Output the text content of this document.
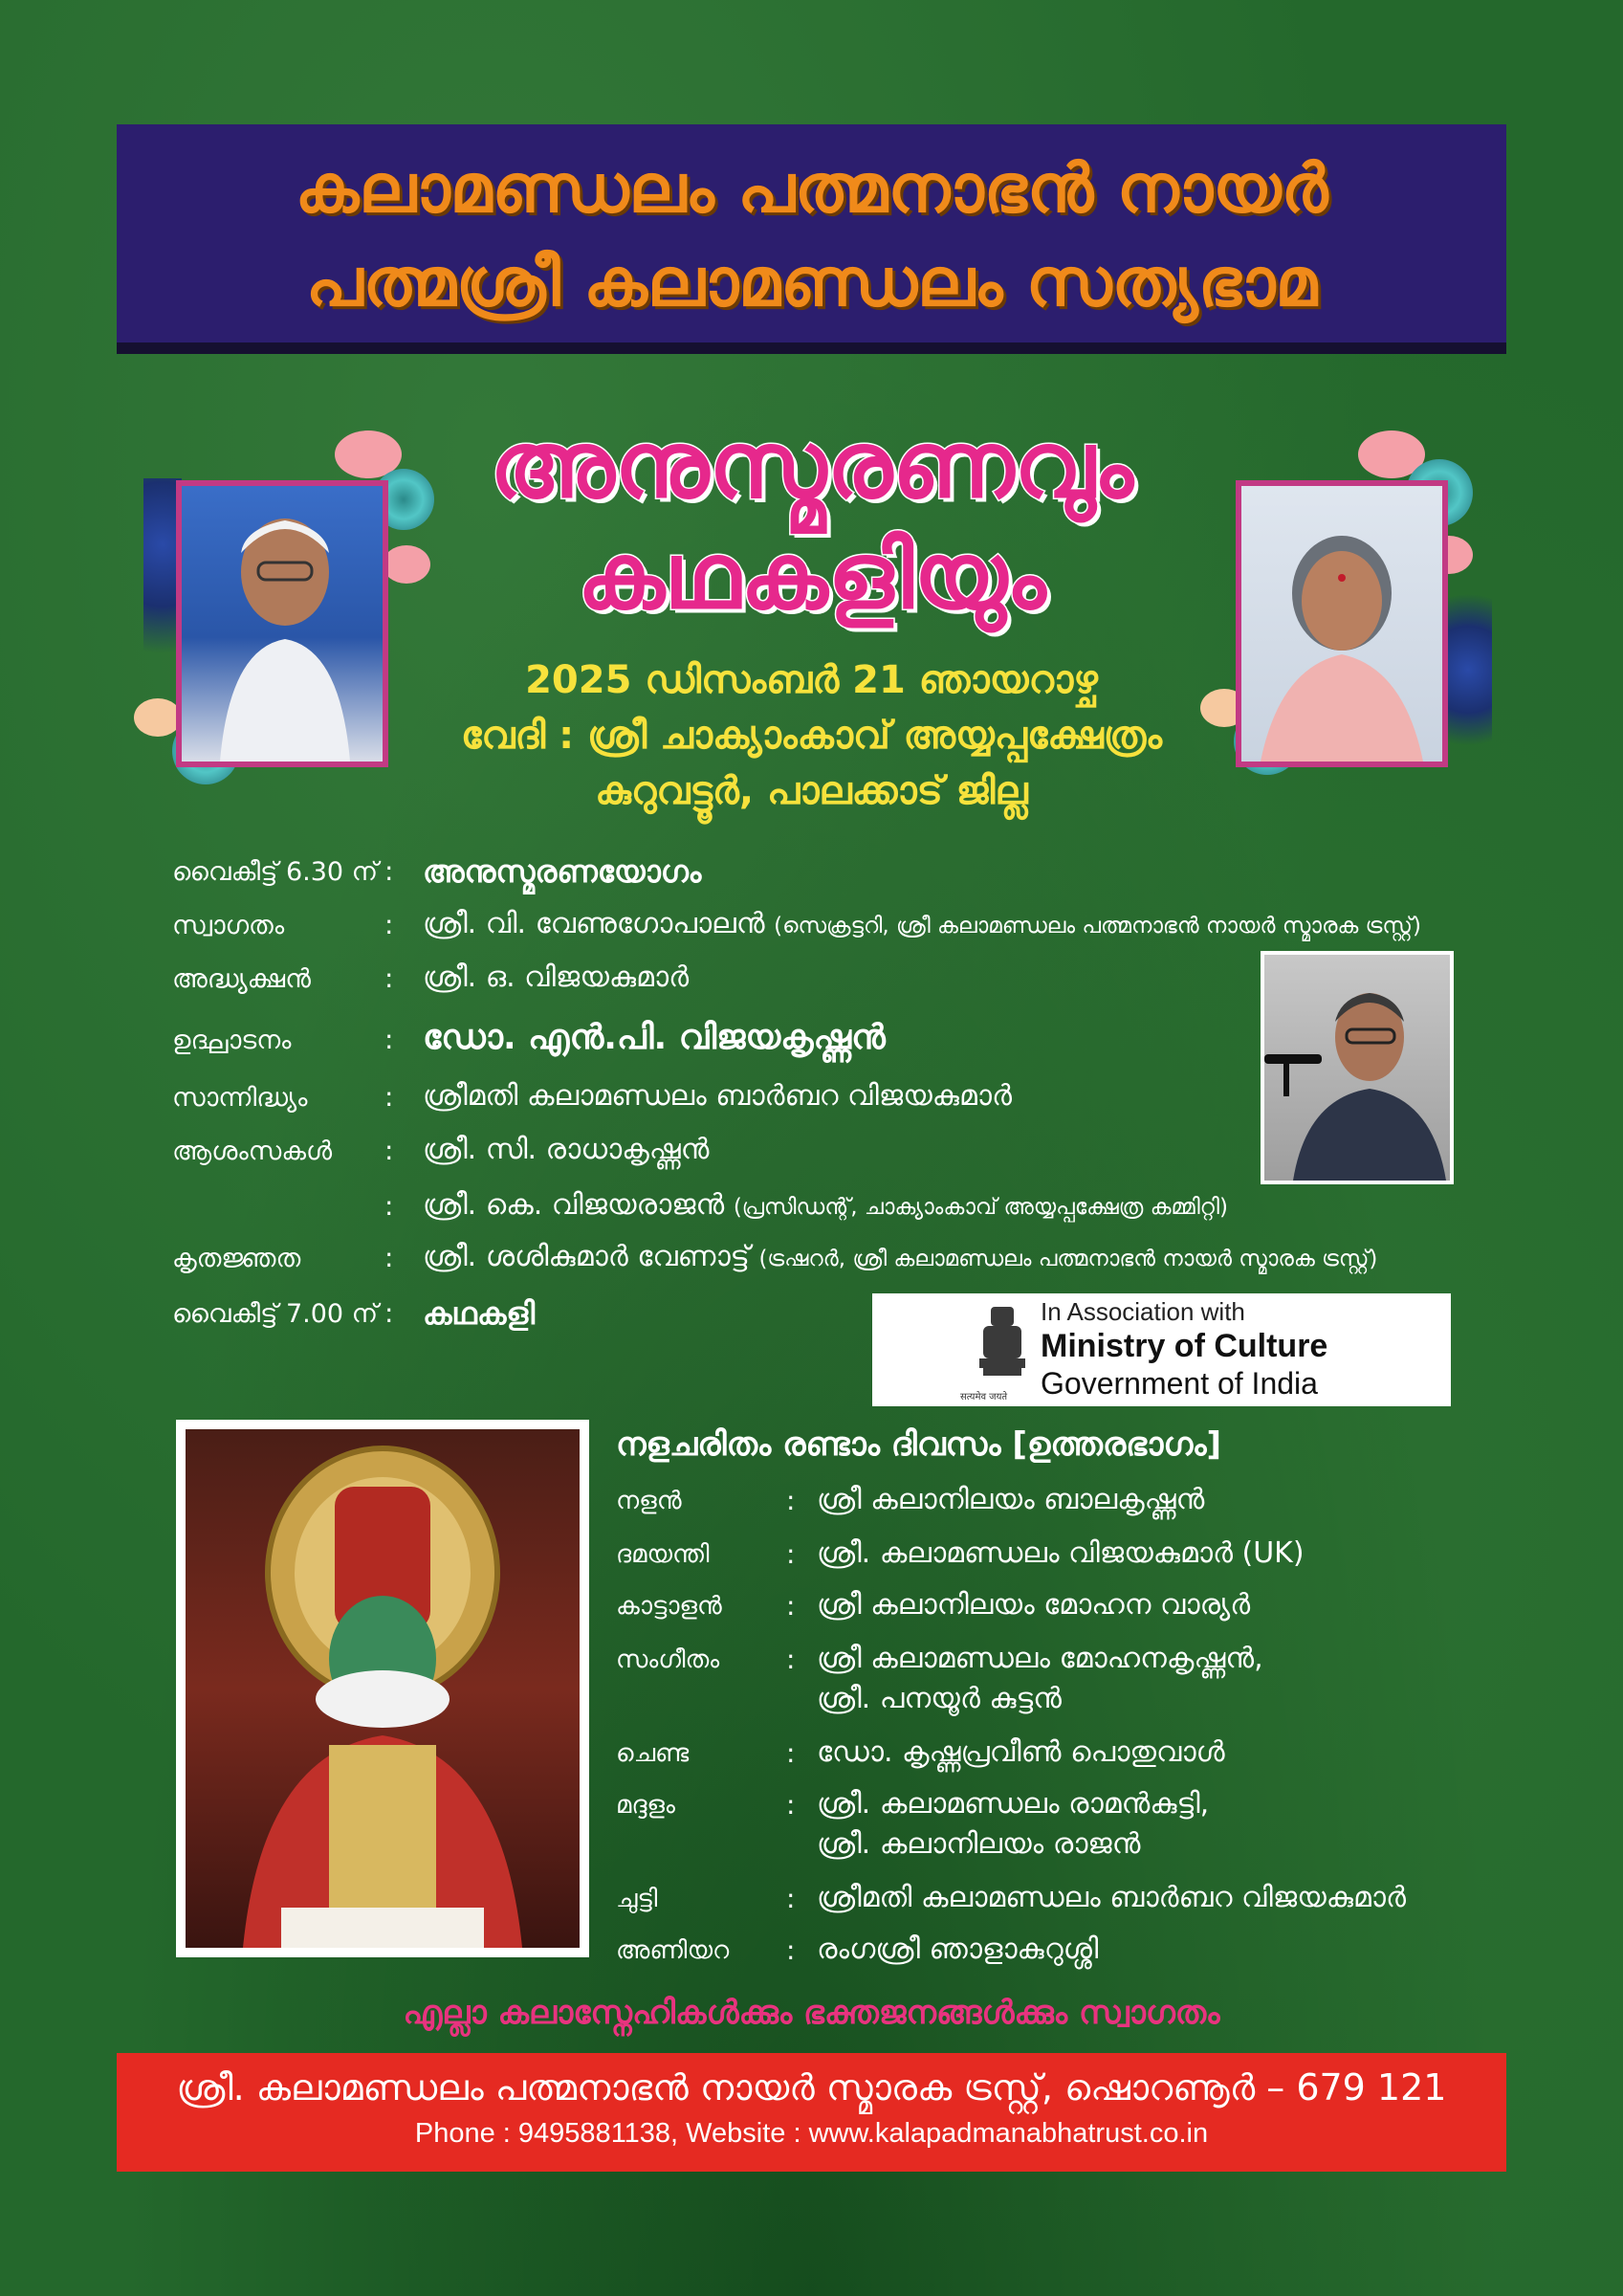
കലാമണ്ഡലം പത്മനാഭൻ നായർ
പത്മശ്രീ കലാമണ്ഡലം സത്യഭാമ
അനുസ്മരണവും
കഥകളിയും
2025 ഡിസംബർ 21 ഞായറാഴ്ച
വേദി : ശ്രീ ചാക്യാംകാവ് അയ്യപ്പക്ഷേത്രം
കുറുവട്ടൂർ, പാലക്കാട് ജില്ല
വൈകീട്ട് 6.30 ന് : അനുസ്മരണയോഗം
സ്വാഗതം	: ശ്രീ. വി. വേണുഗോപാലൻ (സെക്രട്ടറി, ശ്രീ കലാമണ്ഡലം പത്മനാഭൻ നായർ സ്മാരക ട്രസ്റ്റ്)
അദ്ധ്യക്ഷൻ	: ശ്രീ. ഒ. വിജയകുമാർ
ഉദ്ഘാടനം	: ഡോ. എൻ.പി. വിജയകൃഷ്ണൻ
സാന്നിദ്ധ്യം	: ശ്രീമതി കലാമണ്ഡലം ബാർബറ വിജയകുമാർ
ആശംസകൾ : ശ്രീ. സി. രാധാകൃഷ്ണൻ
: ശ്രീ. കെ. വിജയരാജൻ (പ്രസിഡന്റ്, ചാക്യാംകാവ് അയ്യപ്പക്ഷേത്ര കമ്മിറ്റി)
കൃതജ്ഞത	: ശ്രീ. ശശികുമാർ വേണാട്ട് (ട്രഷറർ, ശ്രീ കലാമണ്ഡലം പത്മനാഭൻ നായർ സ്മാരക ട്രസ്റ്റ്)
വൈകീട്ട് 7.00 ന് : കഥകളി
सत्यमेव जयते
In Association with
Ministry of Culture
Government of India
നളചരിതം രണ്ടാം ദിവസം [ഉത്തരഭാഗം]
നളൻ	: ശ്രീ കലാനിലയം ബാലകൃഷ്ണൻ
ദമയന്തി	: ശ്രീ. കലാമണ്ഡലം വിജയകുമാർ (UK)
കാട്ടാളൻ : ശ്രീ കലാനിലയം മോഹന വാര്യർ
സംഗീതം : ശ്രീ കലാമണ്ഡലം മോഹനകൃഷ്ണൻ,
ശ്രീ. പനയൂർ കുട്ടൻ
ചെണ്ട	: ഡോ. കൃഷ്ണപ്രവീൺ പൊതുവാൾ
മദ്ദളം	: ശ്രീ. കലാമണ്ഡലം രാമൻകുട്ടി,
ശ്രീ. കലാനിലയം രാജൻ
ചുട്ടി	: ശ്രീമതി കലാമണ്ഡലം ബാർബറ വിജയകുമാർ
അണിയറ : രംഗശ്രീ ഞാളാകുറുശ്ശി
എല്ലാ കലാസ്നേഹികൾക്കും ഭക്തജനങ്ങൾക്കും സ്വാഗതം
ശ്രീ. കലാമണ്ഡലം പത്മനാഭൻ നായർ സ്മാരക ട്രസ്റ്റ്, ഷൊറണൂർ – 679 121
Phone : 9495881138, Website : www.kalapadmanabhatrust.co.in
